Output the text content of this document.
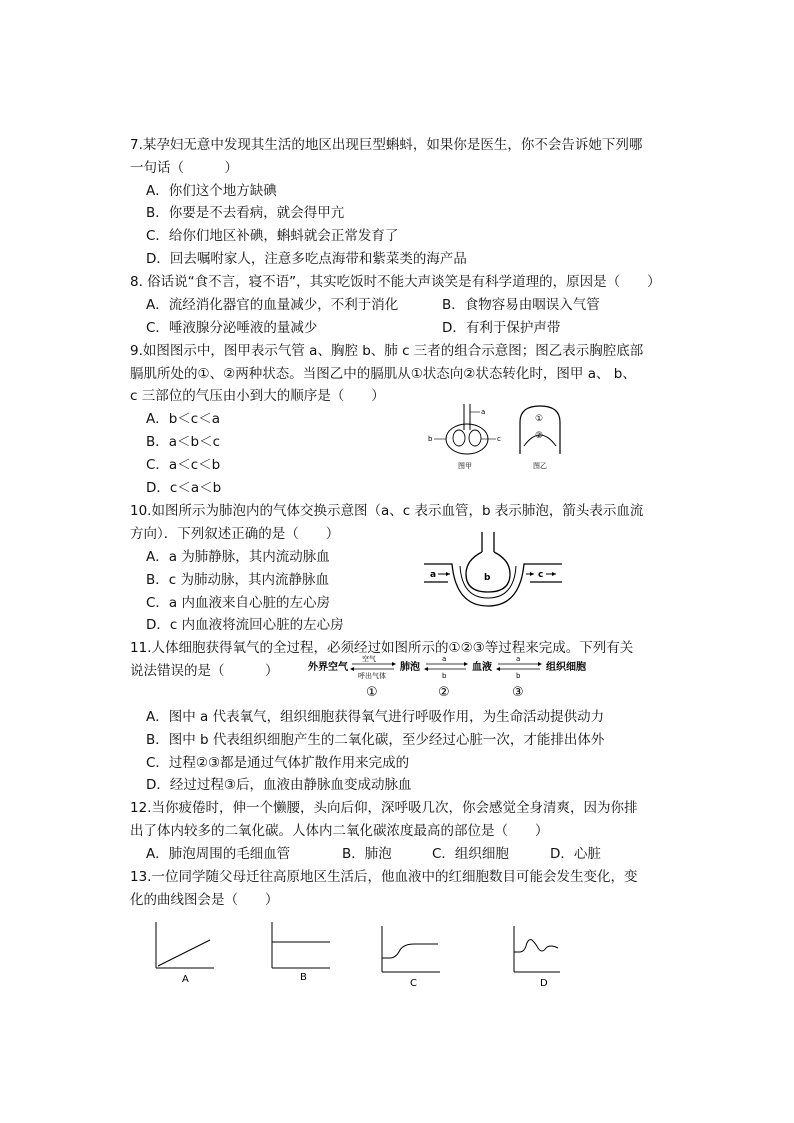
7.某孕妇无意中发现其生活的地区出现巨型蝌蚪，如果你是医生，你不会告诉她下列哪
一句话（　　　）
A．你们这个地方缺碘
B．你要是不去看病，就会得甲亢
C．给你们地区补碘，蝌蚪就会正常发育了
D．回去嘱咐家人，注意多吃点海带和紫菜类的海产品
8. 俗话说“食不言，寝不语”，其实吃饭时不能大声谈笑是有科学道理的，原因是（　　）
A．流经消化器官的血量减少，不利于消化	B．食物容易由咽误入气管
C．唾液腺分泌唾液的量减少	D．有利于保护声带
9.如图图示中，图甲表示气管 a、胸腔 b、肺 c 三者的组合示意图；图乙表示胸腔底部
膈肌所处的①、②两种状态。当图乙中的膈肌从①状态向②状态转化时，图甲 a、 b、
c 三部位的气压由小到大的顺序是（　　）
A．b＜c＜a
B．a＜b＜c
C．a＜c＜b
D．c＜a＜b
a
b	c
图甲
①
②
图乙
10.如图所示为肺泡内的气体交换示意图（a、c 表示血管，b 表示肺泡，箭头表示血流
方向）．下列叙述正确的是（　　）
A．a 为肺静脉，其内流动脉血
B．c 为肺动脉，其内流静脉血
C．a 内血液来自心脏的左心房
D．c 内血液将流回心脏的左心房
b
a	c
11.人体细胞获得氧气的全过程，必须经过如图所示的①②③等过程来完成。下列有关
说法错误的是（　　　）	外界空气
空气
呼出气体
肺泡
a
b
血液
a
b
组织细胞
①	②	③
A．图中 a 代表氧气，组织细胞获得氧气进行呼吸作用，为生命活动提供动力
B．图中 b 代表组织细胞产生的二氧化碳，至少经过心脏一次，才能排出体外
C．过程②③都是通过气体扩散作用来完成的
D．经过过程③后，血液由静脉血变成动脉血
12.当你疲倦时，伸一个懒腰，头向后仰，深呼吸几次，你会感觉全身清爽，因为你排
出了体内较多的二氧化碳。人体内二氧化碳浓度最高的部位是（　　）
A．肺泡周围的毛细血管	B．肺泡	C．组织细胞	D．心脏
13.一位同学随父母迁往高原地区生活后，他血液中的红细胞数目可能会发生变化，变
化的曲线图会是（　　）
A	B
C	D
